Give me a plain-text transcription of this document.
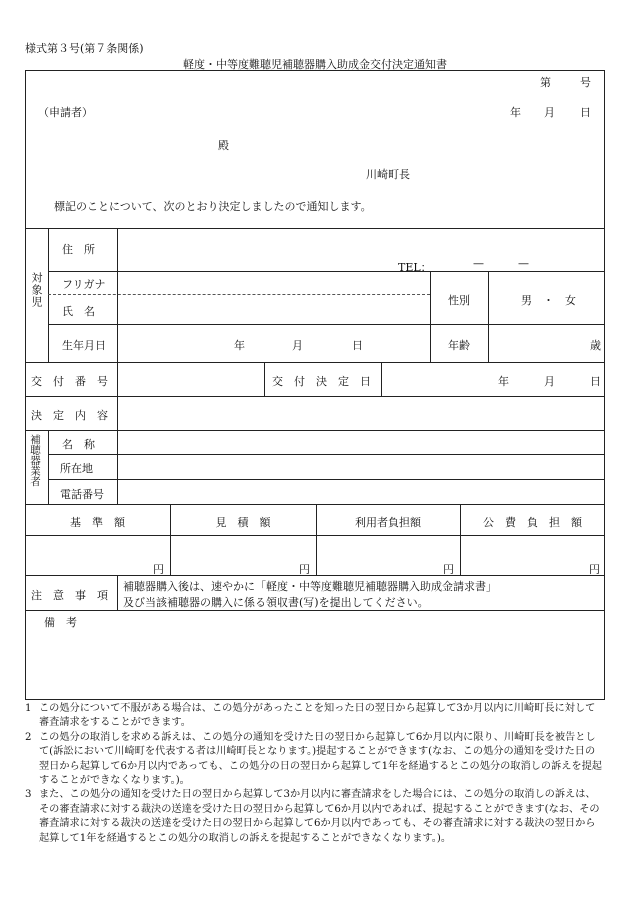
様式第３号(第７条関係)
軽度・中等度難聴児補聴器購入助成金交付決定通知書
第	号
（申請者）	年 月 日
殿
川崎町長
標記のことについて、次のとおり決定しましたので通知します。
対象児
住　所
TEL：	—	—
フリガナ
氏　名
性別	男　・　女
生年月日	年	月	日	年齢	歳
交　付　番　号	交　付　決　定　日	年	月	日
決　定　内　容
補聴器業者 名　称
所在地
電話番号
基　準　額	見　積　額	利用者負担額	公　費　負　担　額
円	円	円	円
注　意　事　項
補聴器購入後は、速やかに「軽度・中等度難聴児補聴器購入助成金請求書」
及び当該補聴器の購入に係る領収書(写)を提出してください。
備　考

1 この処分について不服がある場合は、この処分があったことを知った日の翌日から起算して3か月以内に川崎町長に対して審査請求をすることができます。

2 この処分の取消しを求める訴えは、この処分の通知を受けた日の翌日から起算して6か月以内に限り、川崎町長を被告として(訴訟において川崎町を代表する者は川崎町長となります。)提起することができます(なお、この処分の通知を受けた日の翌日から起算して6か月以内であっても、この処分の日の翌日から起算して1年を経過するとこの処分の取消しの訴えを提起することができなくなります。)。

3 また、この処分の通知を受けた日の翌日から起算して3か月以内に審査請求をした場合には、この処分の取消しの訴えは、その審査請求に対する裁決の送達を受けた日の翌日から起算して6か月以内であれば、提起することができます(なお、その審査請求に対する裁決の送達を受けた日の翌日から起算して6か月以内であっても、その審査請求に対する裁決の翌日から起算して1年を経過するとこの処分の取消しの訴えを提起することができなくなります。)。
